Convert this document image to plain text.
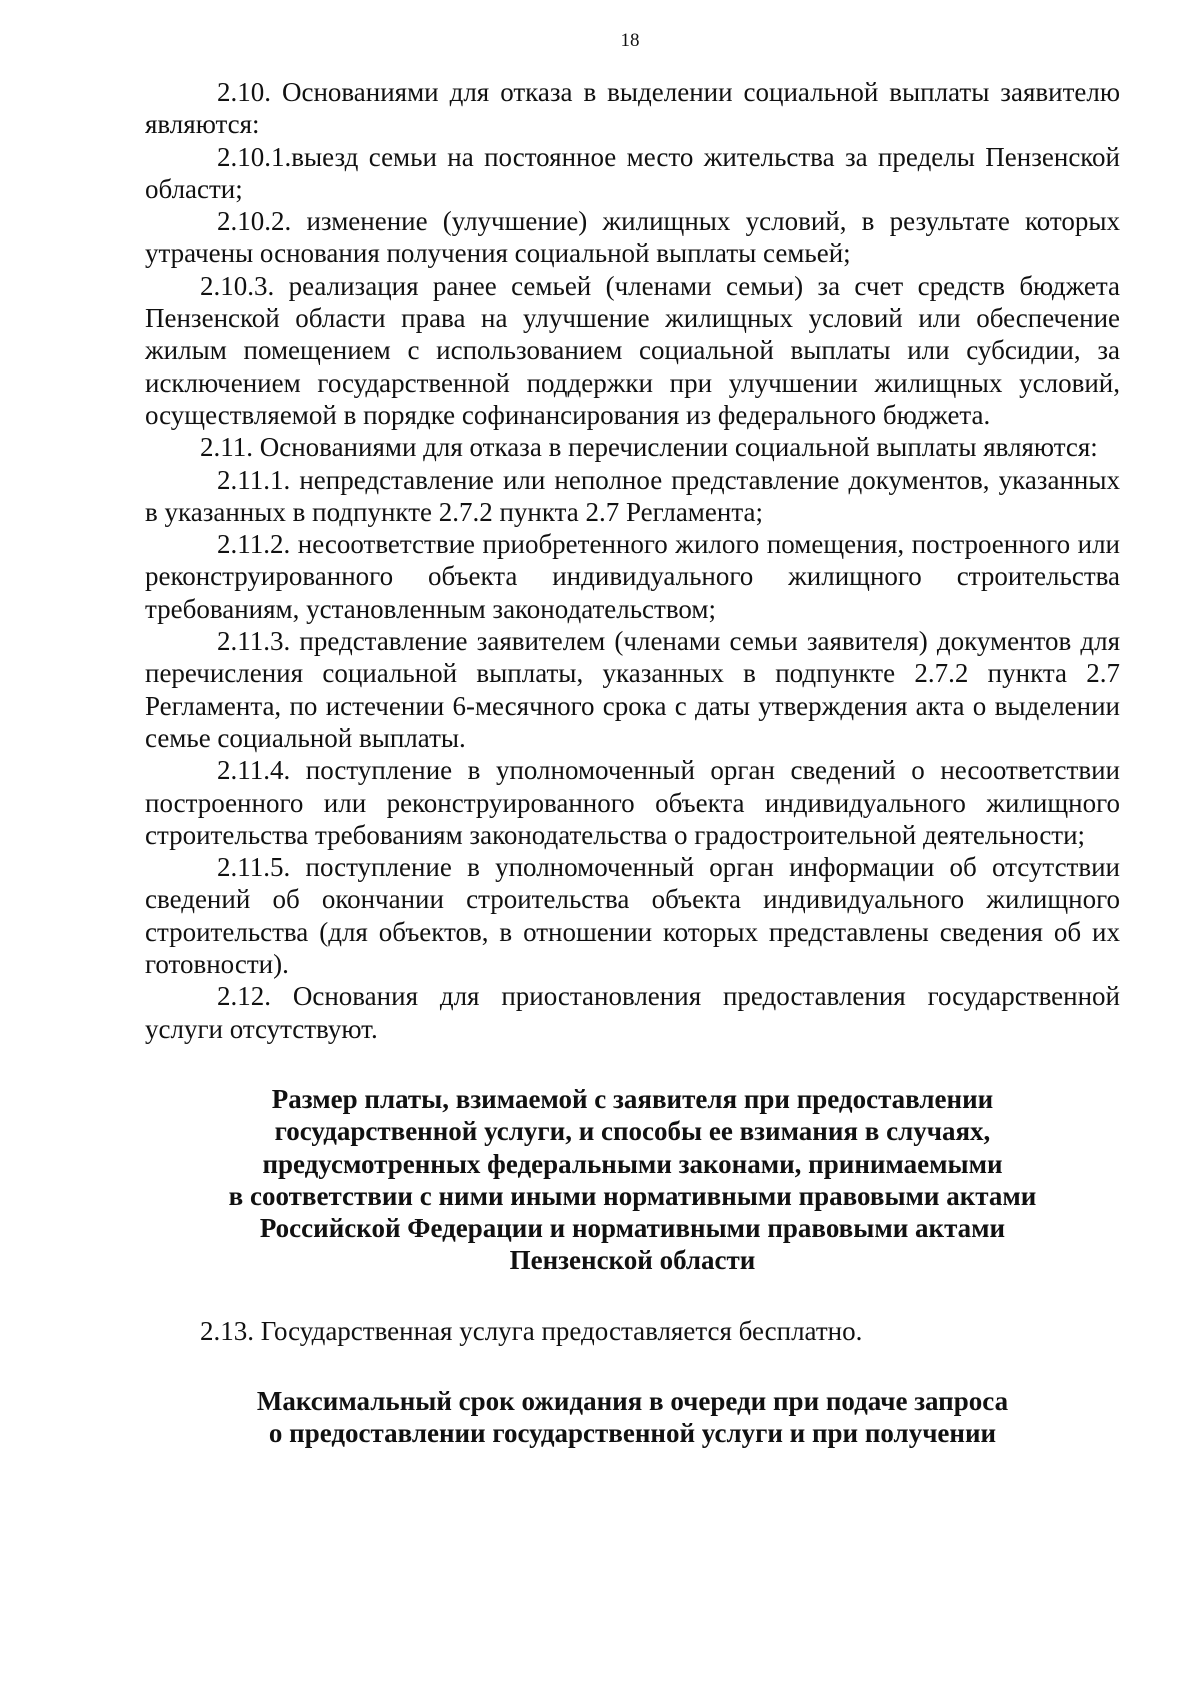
18

2.10. Основаниями для отказа в выделении социальной выплаты заявителю являются:

2.10.1.выезд семьи на постоянное место жительства за пределы Пензенской области;

2.10.2. изменение (улучшение) жилищных условий, в результате которых утрачены основания получения социальной выплаты семьей;

2.10.3. реализация ранее семьей (членами семьи) за счет средств бюджета Пензенской области права на улучшение жилищных условий или обеспечение жилым помещением с использованием социальной выплаты или субсидии, за исключением государственной поддержки при улучшении жилищных условий, осуществляемой в порядке софинансирования из федерального бюджета.

2.11. Основаниями для отказа в перечислении социальной выплаты являются:

2.11.1. непредставление или неполное представление документов, указанных в указанных в подпункте 2.7.2 пункта 2.7 Регламента;

2.11.2. несоответствие приобретенного жилого помещения, построенного или реконструированного объекта индивидуального жилищного строительства требованиям, установленным законодательством;

2.11.3. представление заявителем (членами семьи заявителя) документов для перечисления социальной выплаты, указанных в подпункте 2.7.2 пункта 2.7 Регламента, по истечении 6-месячного срока с даты утверждения акта о выделении семье социальной выплаты.

2.11.4. поступление в уполномоченный орган сведений о несоответствии построенного или реконструированного объекта индивидуального жилищного строительства требованиям законодательства о градостроительной деятельности;

2.11.5. поступление в уполномоченный орган информации об отсутствии сведений об окончании строительства объекта индивидуального жилищного строительства (для объектов, в отношении которых представлены сведения об их готовности).

2.12. Основания для приостановления предоставления государственной услуги отсутствуют.

Размер платы, взимаемой с заявителя при предоставлении
государственной услуги, и способы ее взимания в случаях,
предусмотренных федеральными законами, принимаемыми
в соответствии с ними иными нормативными правовыми актами
Российской Федерации и нормативными правовыми актами
Пензенской области

2.13. Государственная услуга предоставляется бесплатно.

Максимальный срок ожидания в очереди при подаче запроса
о предоставлении государственной услуги и при получении
